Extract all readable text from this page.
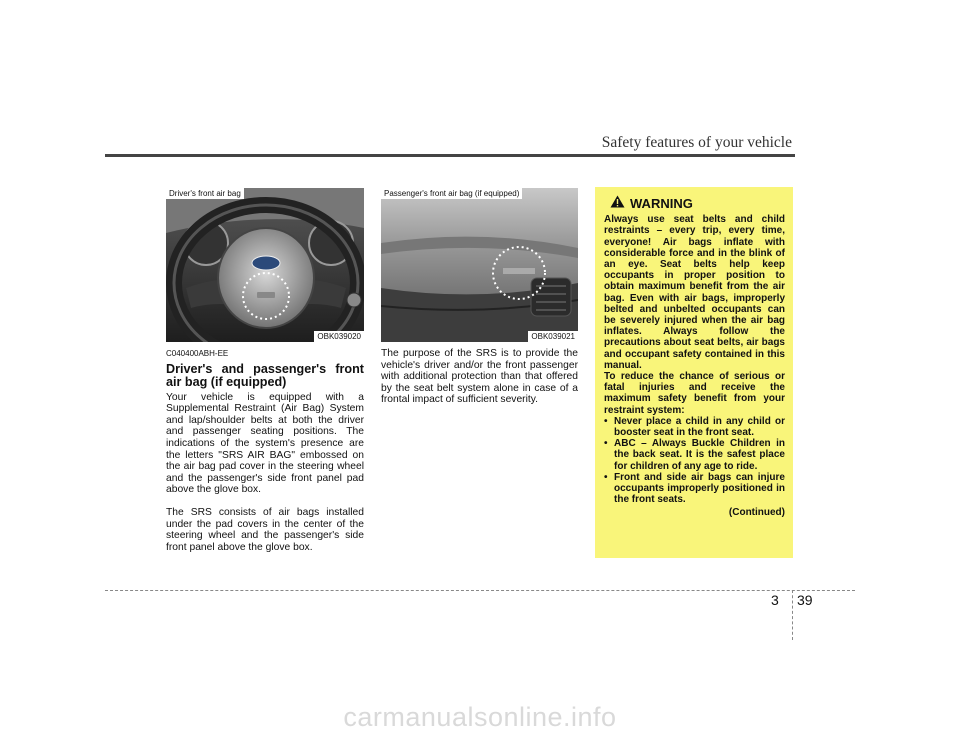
Safety features of your vehicle
Driver's front air bag
OBK039020
Passenger's front air bag (if equipped)
OBK039021
C040400ABH-EE
Driver's and passenger's front air bag (if equipped)

Your vehicle is equipped with a Supplemental Restraint (Air Bag) System and lap/shoulder belts at both the driver and passenger seating positions. The indications of the system's presence are the letters "SRS AIR BAG" embossed on the air bag pad cover in the steering wheel and the passenger's side front panel pad above the glove box.

The SRS consists of air bags installed under the pad covers in the center of the steering wheel and the passenger's side front panel above the glove box.

The purpose of the SRS is to provide the vehicle's driver and/or the front passenger with additional protection than that offered by the seat belt system alone in case of a frontal impact of sufficient severity.

WARNING

Always use seat belts and child restraints – every trip, every time, everyone! Air bags inflate with considerable force and in the blink of an eye. Seat belts help keep occupants in proper position to obtain maximum benefit from the air bag. Even with air bags, improperly belted and unbelted occupants can be severely injured when the air bag inflates. Always follow the precautions about seat belts, air bags and occupant safety contained in this manual.

To reduce the chance of serious or fatal injuries and receive the maximum safety benefit from your restraint system:

• Never place a child in any child or booster seat in the front seat.
• ABC – Always Buckle Children in the back seat. It is the safest place for children of any age to ride.
• Front and side air bags can injure occupants improperly positioned in the front seats.
(Continued)
3 39
carmanualsonline.info
